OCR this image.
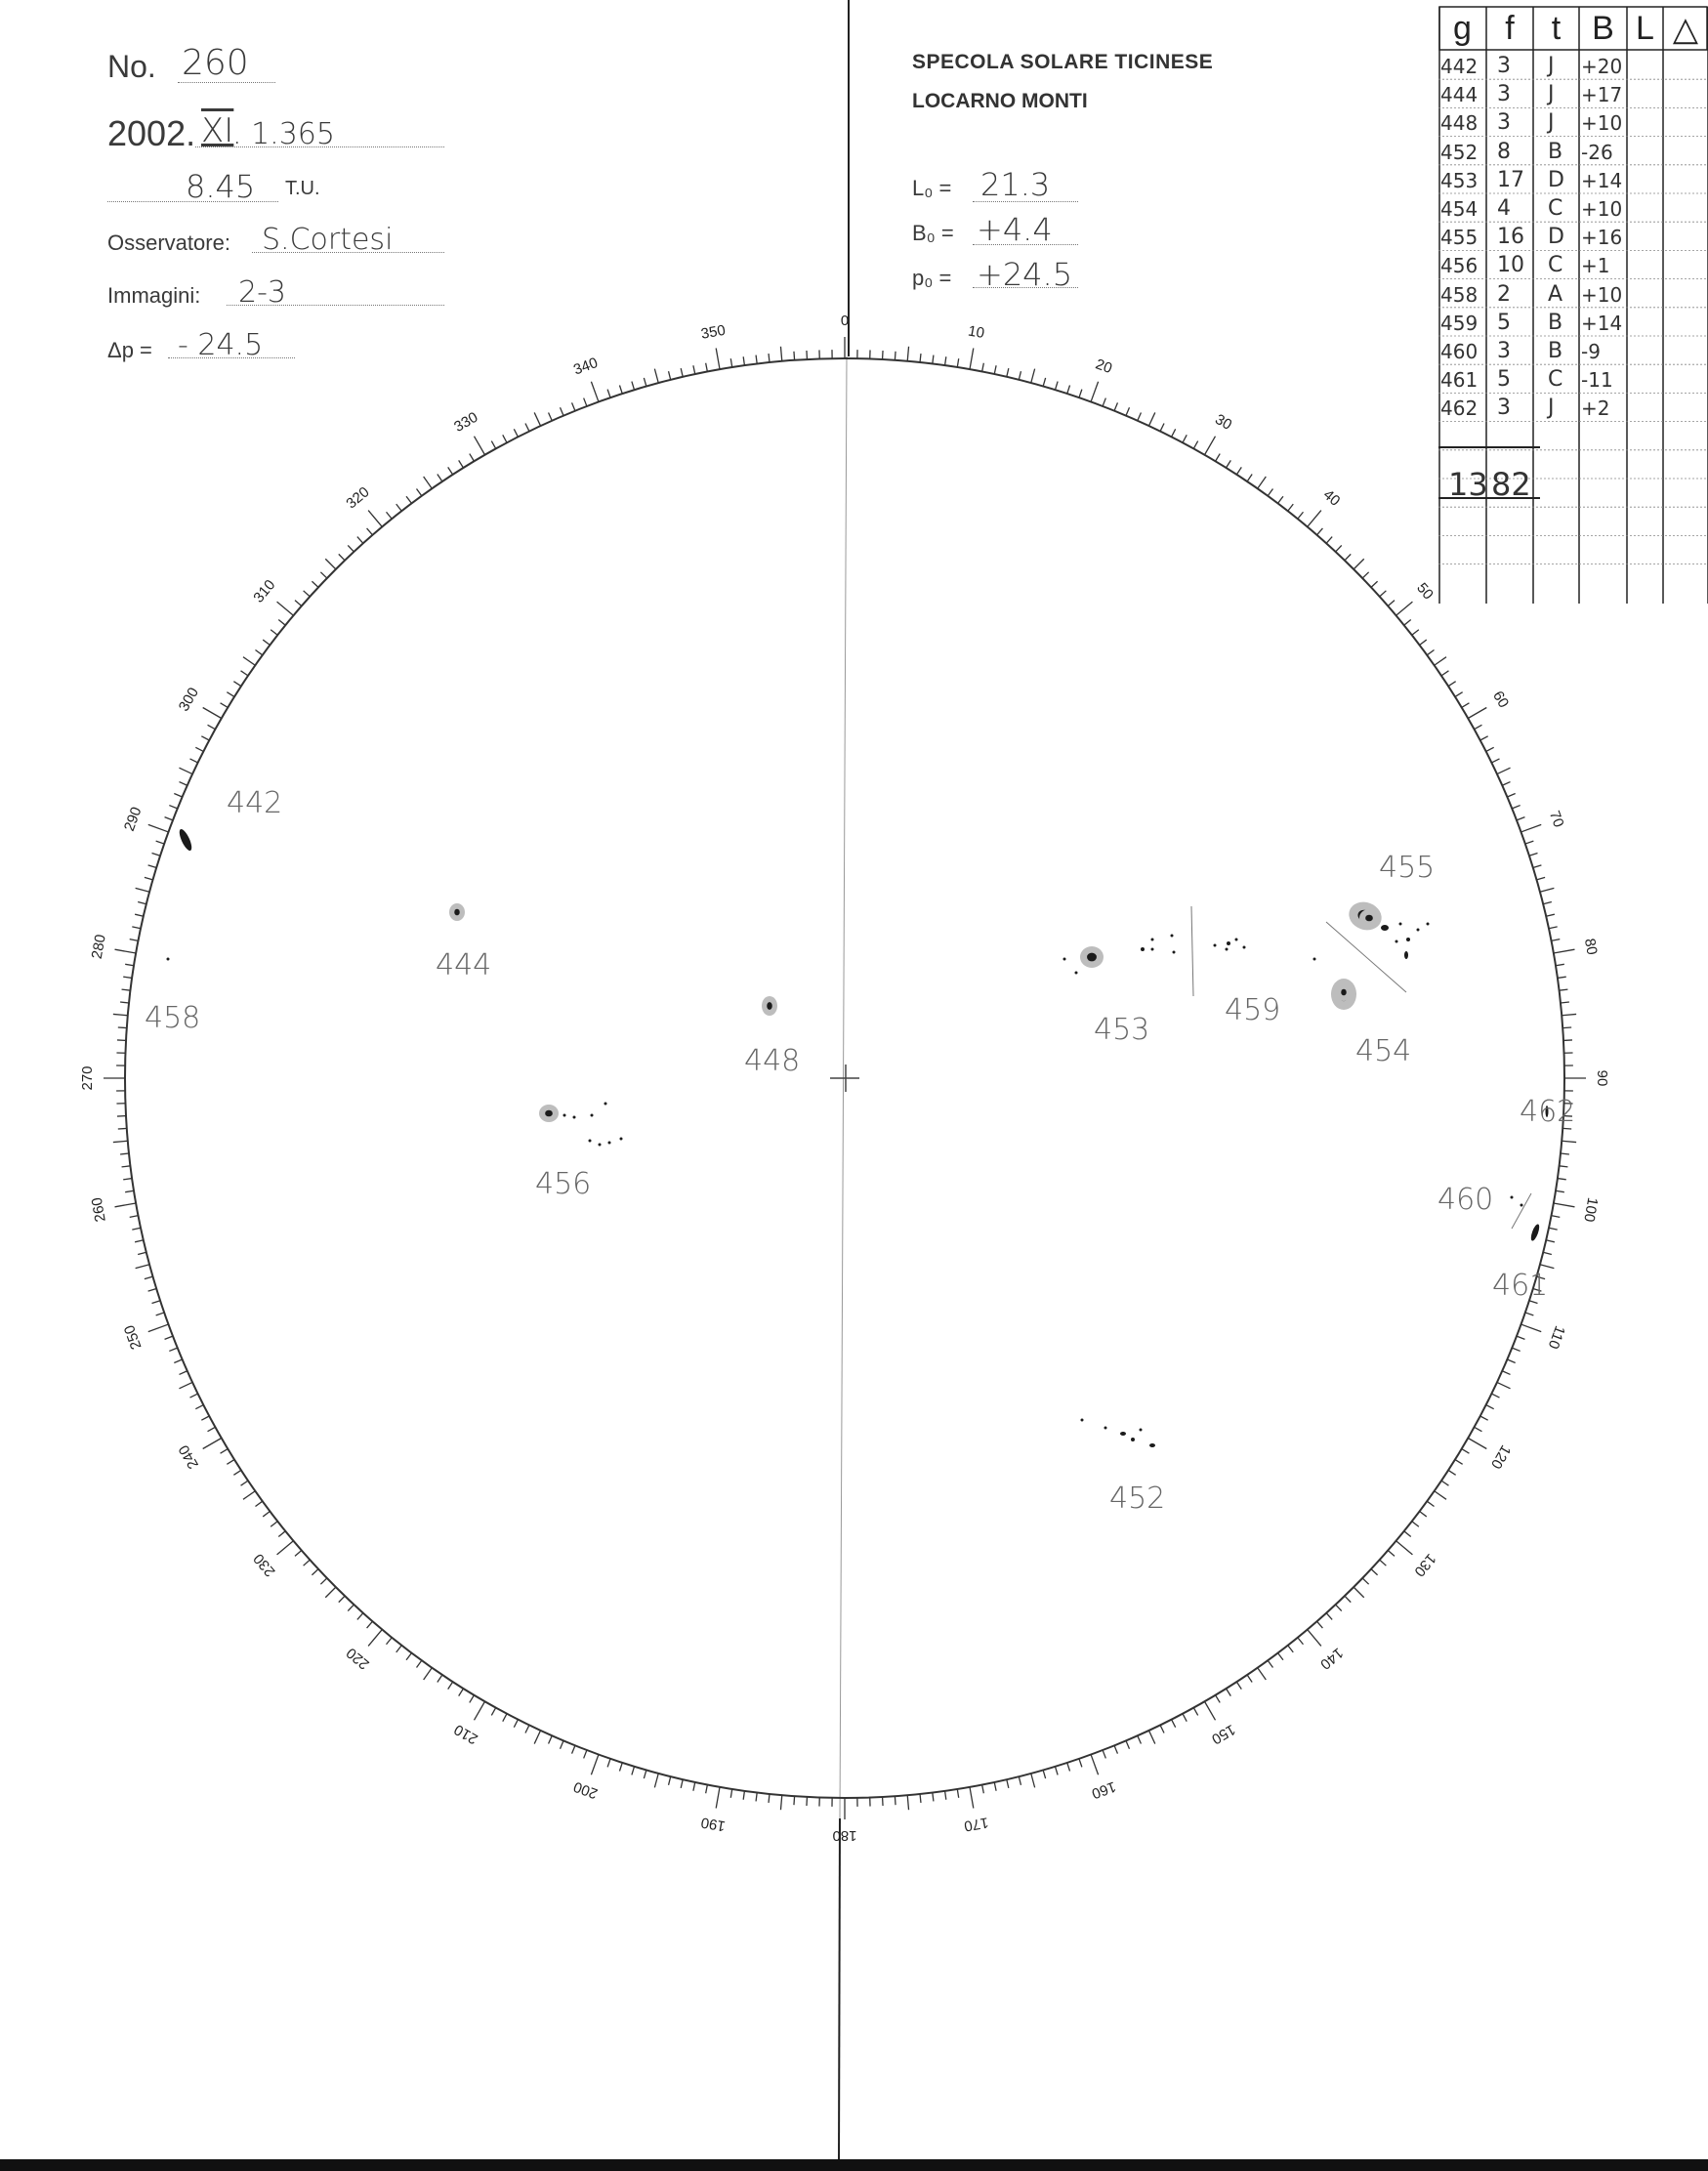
0
10
20
30
40
50
60
70
80
90
100
110
120
130
140
150
160
170
180
190
200
210
220
230
240
250
260
270
280
290
300
310
320
330
340
350
442
444
448
452
453
454
455
456
458	459
460
461
462
No. 260
2002. XI
. 1.365
8.45 T.U.
Osservatore: S.Cortesi
Immagini: 2-3
Δp = - 24.5
SPECOLA SOLARE TICINESE
LOCARNO MONTI
L₀ = 21.3
B₀ = +4.4
p₀ = +24.5
g	f	t B L △
442 3 J +20
444 3 J +17
448 3 J +10
452 8 B -26
453 17 D +14
454 4 C +10
455 16 D +16
456 10 C +1
458 2 A +10
459 5 B +14
460 3 B -9
461 5 C -11
462 3 J +2
13 82
